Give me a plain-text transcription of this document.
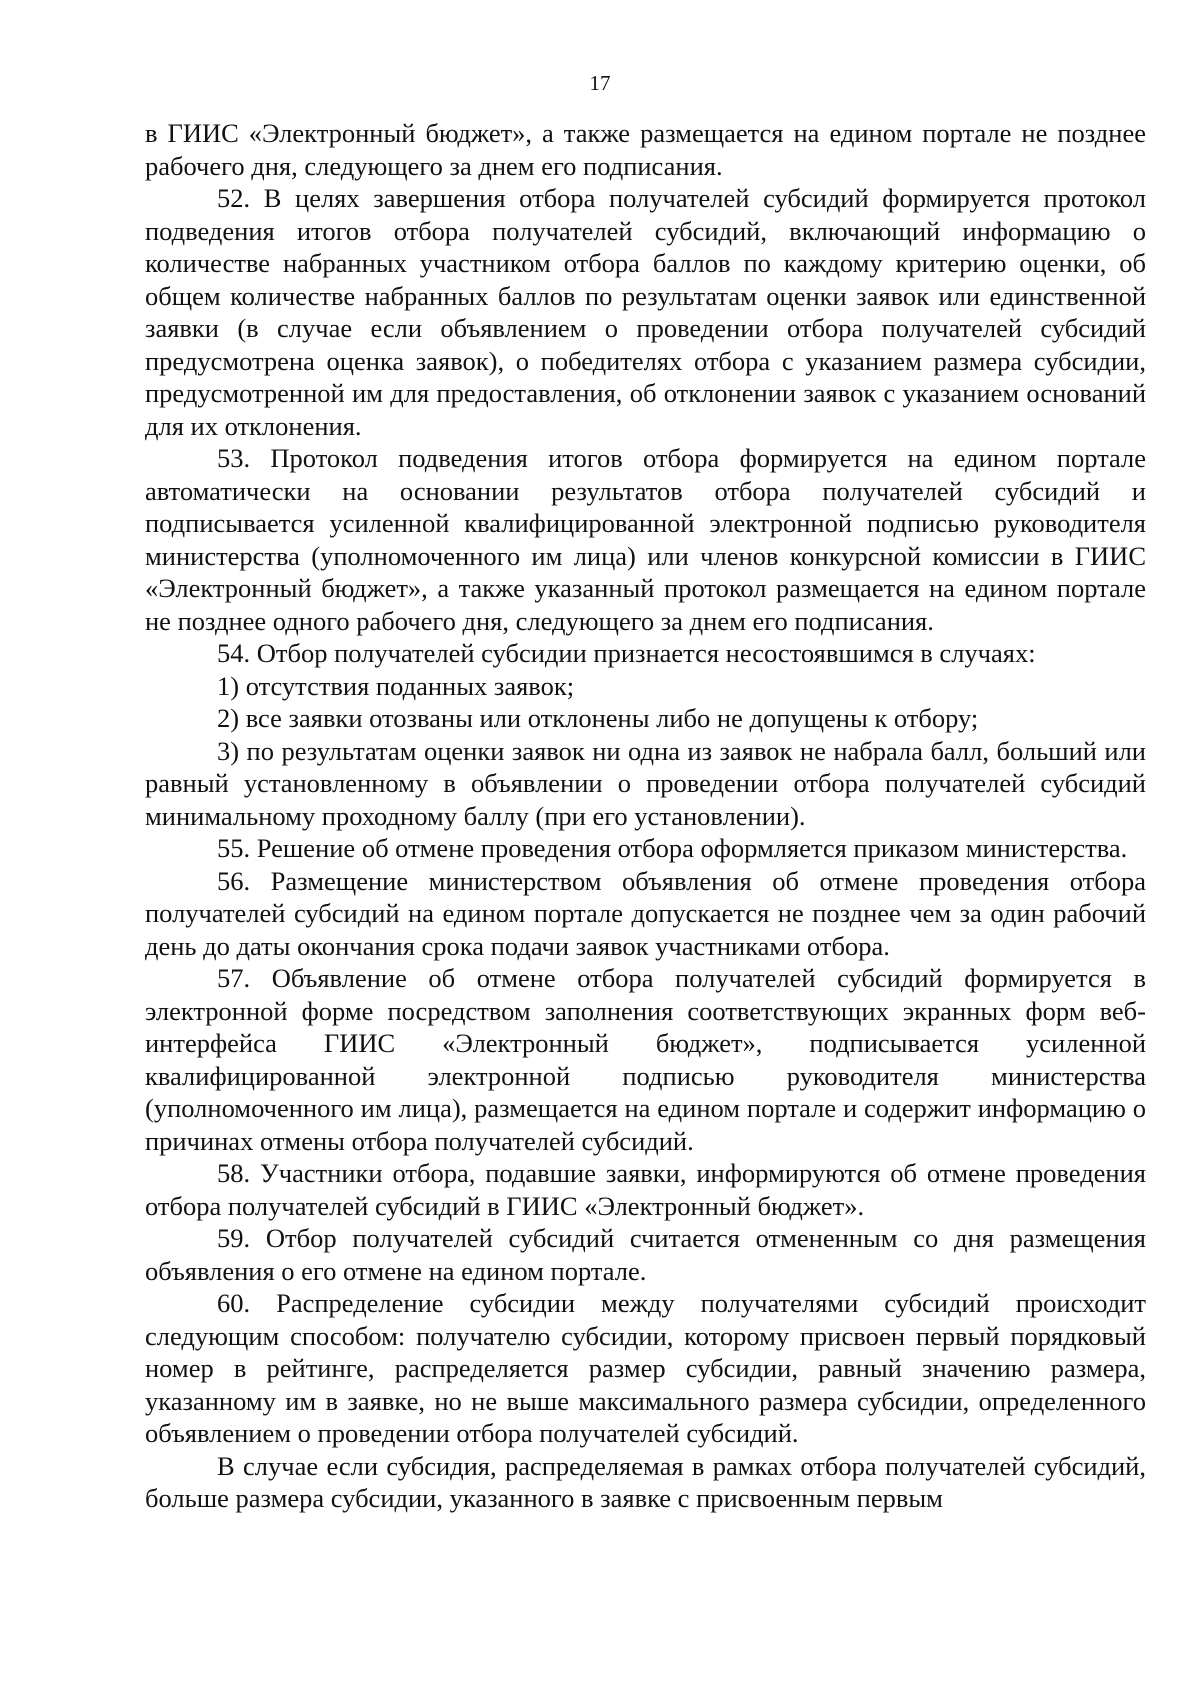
17

в ГИИС «Электронный бюджет», а также размещается на едином портале не позднее рабочего дня, следующего за днем его подписания.

52. В целях завершения отбора получателей субсидий формируется протокол подведения итогов отбора получателей субсидий, включающий информацию о количестве набранных участником отбора баллов по каждому критерию оценки, об общем количестве набранных баллов по результатам оценки заявок или единственной заявки (в случае если объявлением о проведении отбора получателей субсидий предусмотрена оценка заявок), о победителях отбора с указанием размера субсидии, предусмотренной им для предоставления, об отклонении заявок с указанием оснований для их отклонения.

53. Протокол подведения итогов отбора формируется на едином портале автоматически на основании результатов отбора получателей субсидий и подписывается усиленной квалифицированной электронной подписью руководителя министерства (уполномоченного им лица) или членов конкурсной комиссии в ГИИС «Электронный бюджет», а также указанный протокол размещается на едином портале не позднее одного рабочего дня, следующего за днем его подписания.

54. Отбор получателей субсидии признается несостоявшимся в случаях:

1) отсутствия поданных заявок;

2) все заявки отозваны или отклонены либо не допущены к отбору;

3) по результатам оценки заявок ни одна из заявок не набрала балл, больший или равный установленному в объявлении о проведении отбора получателей субсидий минимальному проходному баллу (при его установлении).

55. Решение об отмене проведения отбора оформляется приказом министерства.

56. Размещение министерством объявления об отмене проведения отбора получателей субсидий на едином портале допускается не позднее чем за один рабочий день до даты окончания срока подачи заявок участниками отбора.

57. Объявление об отмене отбора получателей субсидий формируется в электронной форме посредством заполнения соответствующих экранных форм веб-интерфейса ГИИС «Электронный бюджет», подписывается усиленной квалифицированной электронной подписью руководителя министерства (уполномоченного им лица), размещается на едином портале и содержит информацию о причинах отмены отбора получателей субсидий.

58. Участники отбора, подавшие заявки, информируются об отмене проведения отбора получателей субсидий в ГИИС «Электронный бюджет».

59. Отбор получателей субсидий считается отмененным со дня размещения объявления о его отмене на едином портале.

60. Распределение субсидии между получателями субсидий происходит следующим способом: получателю субсидии, которому присвоен первый порядковый номер в рейтинге, распределяется размер субсидии, равный значению размера, указанному им в заявке, но не выше максимального размера субсидии, определенного объявлением о проведении отбора получателей субсидий.

В случае если субсидия, распределяемая в рамках отбора получателей субсидий, больше размера субсидии, указанного в заявке с присвоенным первым
